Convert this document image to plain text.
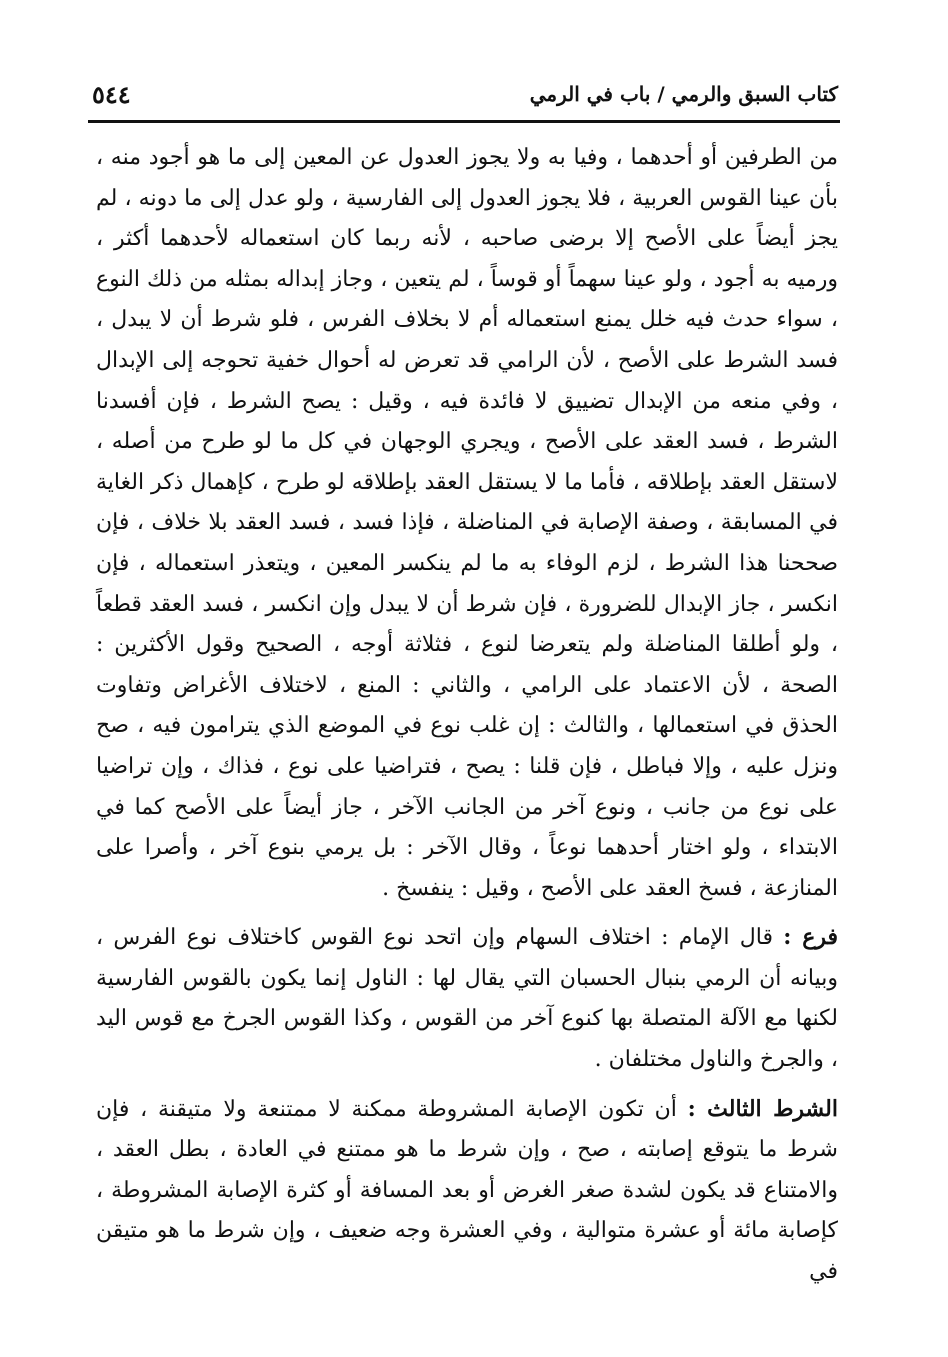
كتاب السبق والرمي / باب في الرمي
٥٤٤

من الطرفين أو أحدهما ، وفيا به ولا يجوز العدول عن المعين إلى ما هو أجود منه ، بأن عينا القوس العربية ، فلا يجوز العدول إلى الفارسية ، ولو عدل إلى ما دونه ، لم يجز أيضاً على الأصح إلا برضى صاحبه ، لأنه ربما كان استعماله لأحدهما أكثر ، ورميه به أجود ، ولو عينا سهماً أو قوساً ، لم يتعين ، وجاز إبداله بمثله من ذلك النوع ، سواء حدث فيه خلل يمنع استعماله أم لا بخلاف الفرس ، فلو شرط أن لا يبدل ، فسد الشرط على الأصح ، لأن الرامي قد تعرض له أحوال خفية تحوجه إلى الإبدال ، وفي منعه من الإبدال تضييق لا فائدة فيه ، وقيل : يصح الشرط ، فإن أفسدنا الشرط ، فسد العقد على الأصح ، ويجري الوجهان في كل ما لو طرح من أصله ، لاستقل العقد بإطلاقه ، فأما ما لا يستقل العقد بإطلاقه لو طرح ، كإهمال ذكر الغاية في المسابقة ، وصفة الإصابة في المناضلة ، فإذا فسد ، فسد العقد بلا خلاف ، فإن صححنا هذا الشرط ، لزم الوفاء به ما لم ينكسر المعين ، ويتعذر استعماله ، فإن انكسر ، جاز الإبدال للضرورة ، فإن شرط أن لا يبدل وإن انكسر ، فسد العقد قطعاً ، ولو أطلقا المناضلة ولم يتعرضا لنوع ، فثلاثة أوجه ، الصحيح وقول الأكثرين : الصحة ، لأن الاعتماد على الرامي ، والثاني : المنع ، لاختلاف الأغراض وتفاوت الحذق في استعمالها ، والثالث : إن غلب نوع في الموضع الذي يترامون فيه ، صح ونزل عليه ، وإلا فباطل ، فإن قلنا : يصح ، فتراضيا على نوع ، فذاك ، وإن تراضيا على نوع من جانب ، ونوع آخر من الجانب الآخر ، جاز أيضاً على الأصح كما في الابتداء ، ولو اختار أحدهما نوعاً ، وقال الآخر : بل يرمي بنوع آخر ، وأصرا على المنازعة ، فسخ العقد على الأصح ، وقيل : ينفسخ .

فرع : قال الإمام : اختلاف السهام وإن اتحد نوع القوس كاختلاف نوع الفرس ، وبيانه أن الرمي بنبال الحسبان التي يقال لها : الناول إنما يكون بالقوس الفارسية لكنها مع الآلة المتصلة بها كنوع آخر من القوس ، وكذا القوس الجرخ مع قوس اليد ، والجرخ والناول مختلفان .

الشرط الثالث : أن تكون الإصابة المشروطة ممكنة لا ممتنعة ولا متيقنة ، فإن شرط ما يتوقع إصابته ، صح ، وإن شرط ما هو ممتنع في العادة ، بطل العقد ، والامتناع قد يكون لشدة صغر الغرض أو بعد المسافة أو كثرة الإصابة المشروطة ، كإصابة مائة أو عشرة متوالية ، وفي العشرة وجه ضعيف ، وإن شرط ما هو متيقن في
